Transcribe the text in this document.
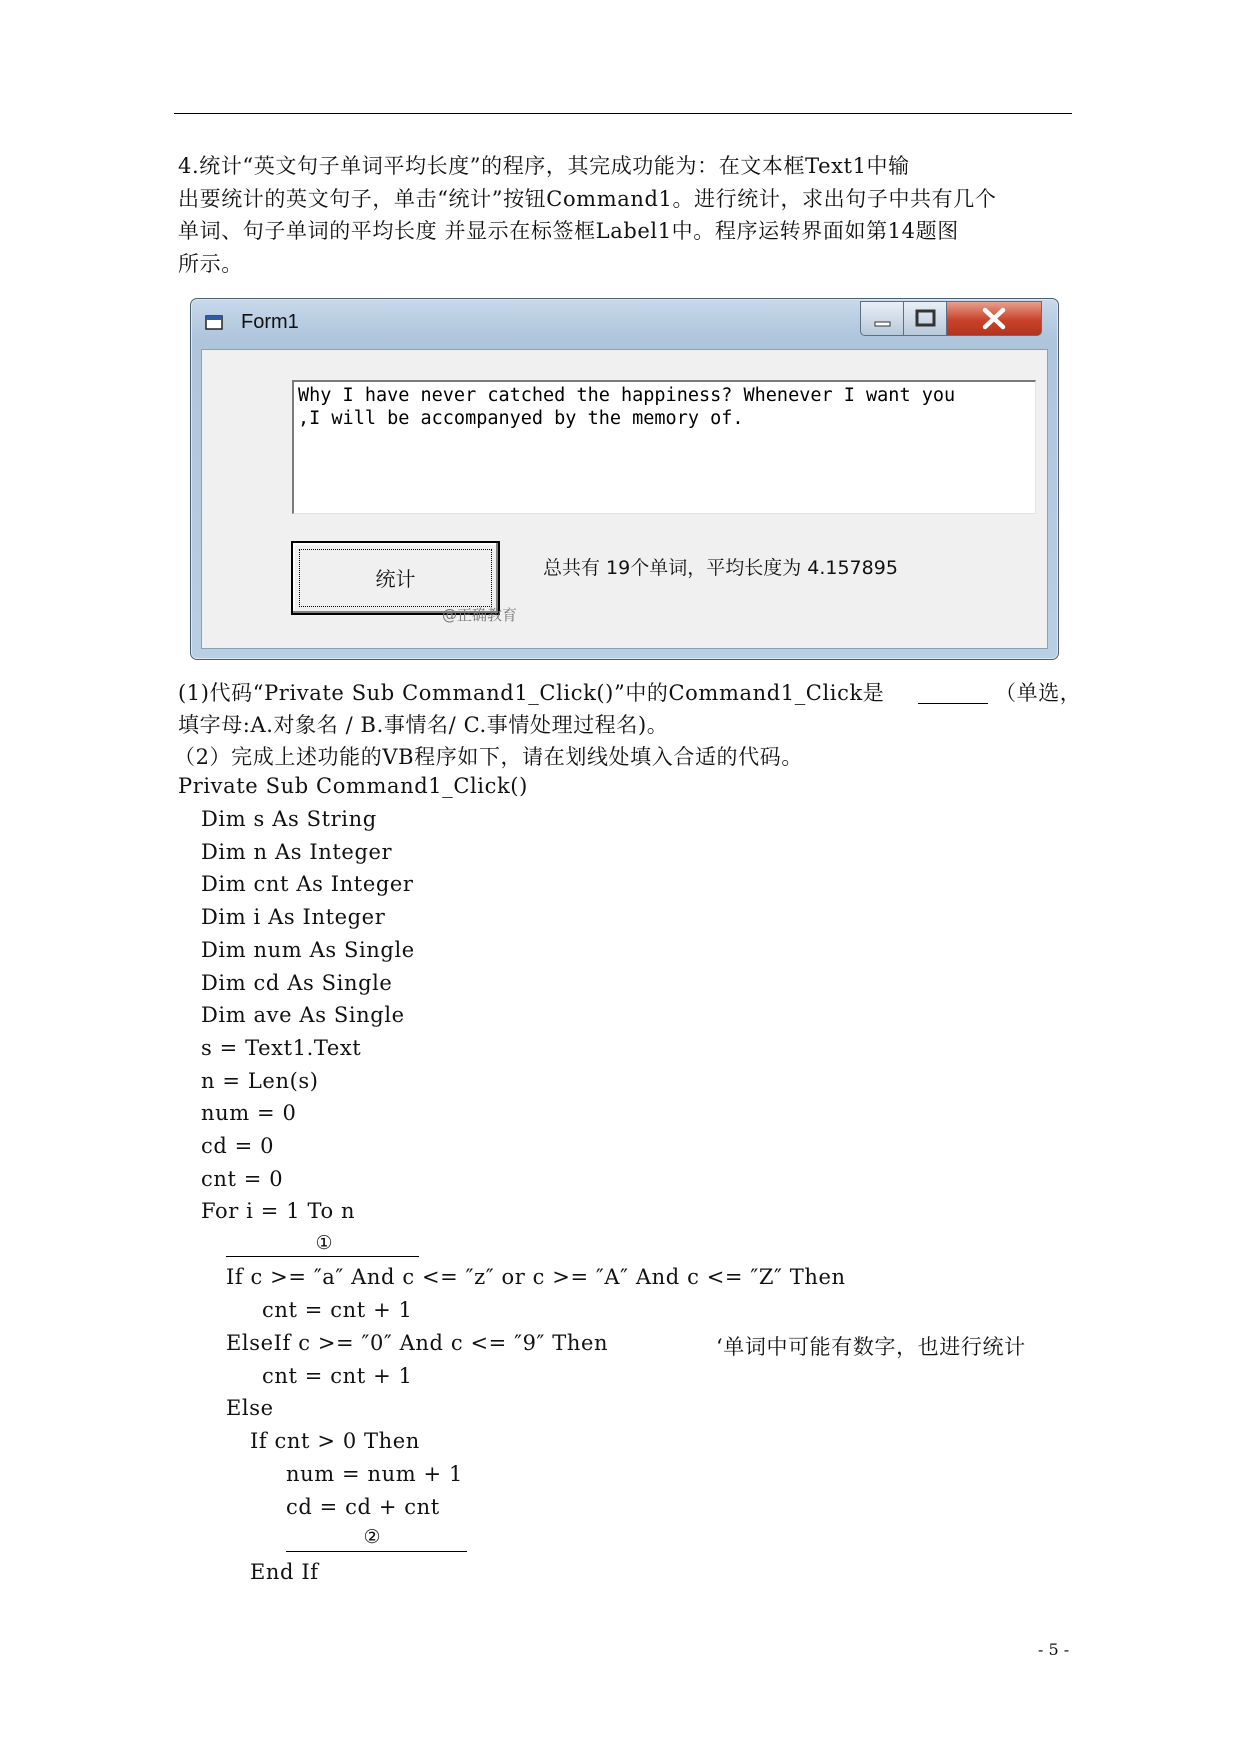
4.统计“英文句子单词平均长度”的程序，其完成功能为：在文本框Text1中输
出要统计的英文句子，单击“统计”按钮Command1。进行统计，求出句子中共有几个
单词、句子单词的平均长度 并显示在标签框Label1中。程序运转界面如第14题图
所示。
Form1
Why I have never catched the happiness? Whenever I want you
,I will be accompanyed by the memory of.
统计	总共有 19个单词，平均长度为 4.157895
@正确教育
(1)代码“Private Sub Command1_Click()”中的Command1_Click是	（单选，
填字母:A.对象名 / B.事情名/ C.事情处理过程名)。
（2）完成上述功能的VB程序如下，请在划线处填入合适的代码。
Private Sub Command1_Click()
Dim s As String
Dim n As Integer
Dim cnt As Integer
Dim i As Integer
Dim num As Single
Dim cd As Single
Dim ave As Single
s = Text1.Text
n = Len(s)
num = 0
cd = 0
cnt = 0
For i = 1 To n
①
If c >= ″a″ And c <= ″z″ or c >= ″A″ And c <= ″Z″ Then
cnt = cnt + 1
ElseIf c >= ″0″ And c <= ″9″ Then	‘单词中可能有数字，也进行统计
cnt = cnt + 1
Else
If cnt > 0 Then
num = num + 1
cd = cd + cnt
②
End If
- 5 -
